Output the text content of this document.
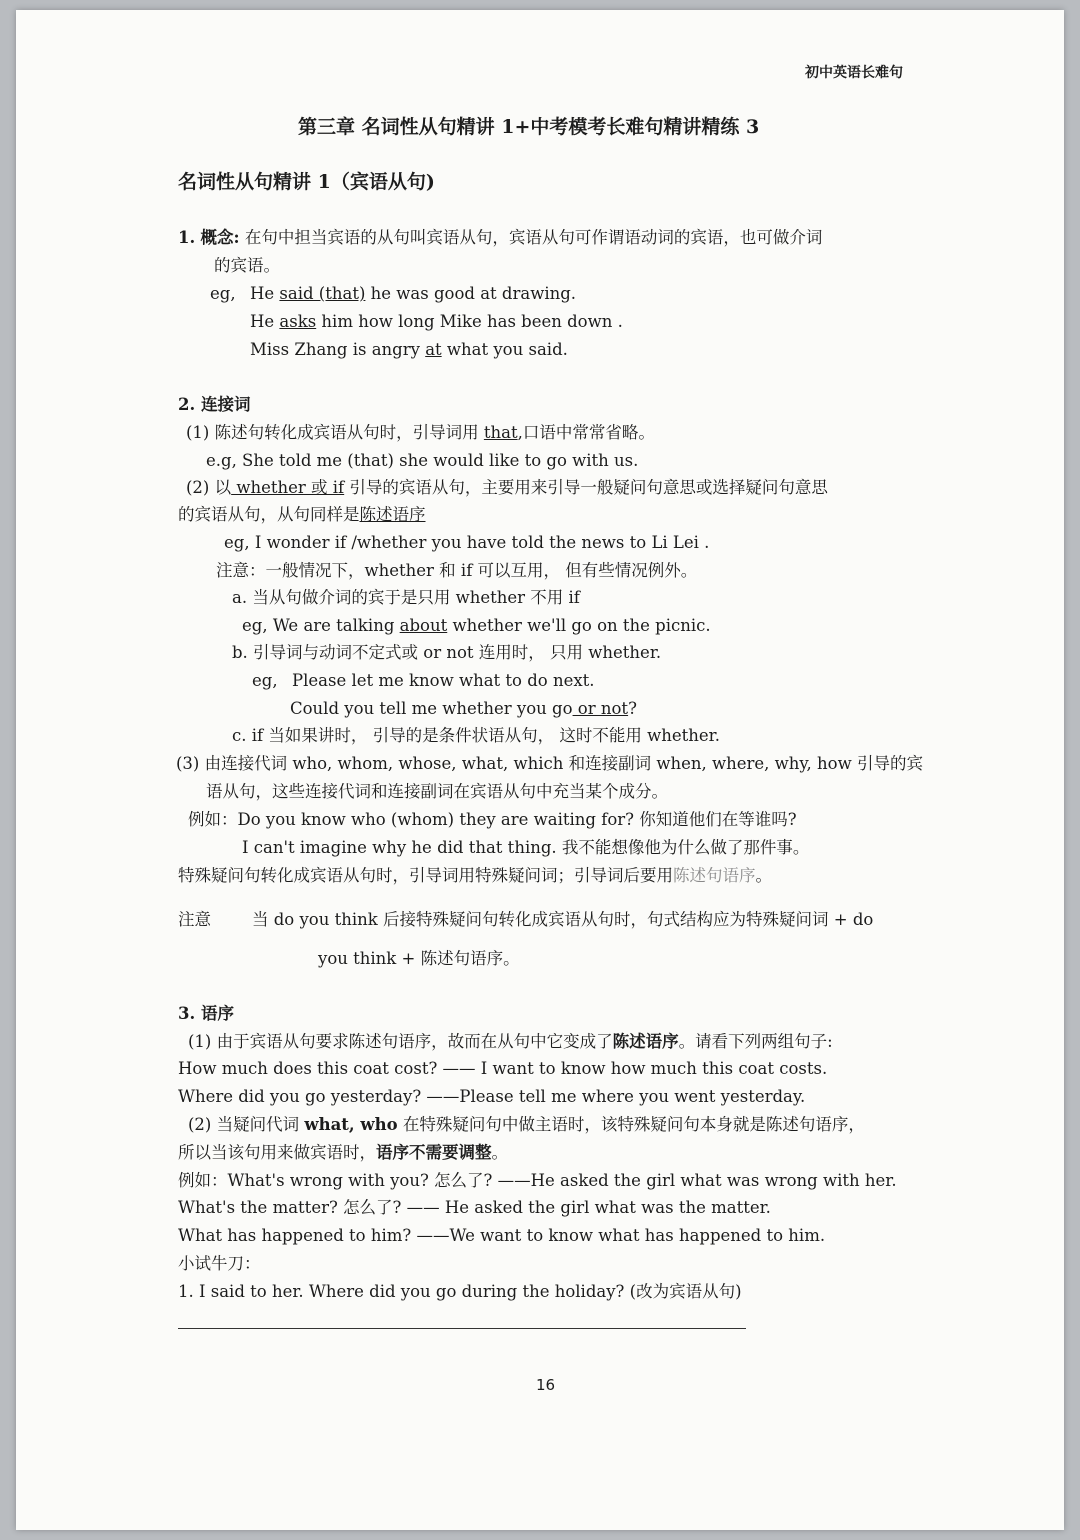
初中英语长难句
第三章 名词性从句精讲 1+中考模考长难句精讲精练 3
名词性从句精讲 1（宾语从句)
1. 概念: 在句中担当宾语的从句叫宾语从句，宾语从句可作谓语动词的宾语，也可做介词
的宾语。
eg, He said (that) he was good at drawing.
He asks him how long Mike has been down .
Miss Zhang is angry at what you said.
2. 连接词
(1) 陈述句转化成宾语从句时，引导词用 that,口语中常常省略。
e.g, She told me (that) she would like to go with us.
(2) 以 whether 或 if 引导的宾语从句，主要用来引导一般疑问句意思或选择疑问句意思
的宾语从句，从句同样是陈述语序
eg, I wonder if /whether you have told the news to Li Lei .
注意：一般情况下，whether 和 if 可以互用， 但有些情况例外。
a. 当从句做介词的宾于是只用 whether 不用 if
eg, We are talking about whether we'll go on the picnic.
b. 引导词与动词不定式或 or not 连用时， 只用 whether.
eg, Please let me know what to do next.
Could you tell me whether you go or not?
c. if 当如果讲时， 引导的是条件状语从句， 这时不能用 whether.
(3) 由连接代词 who, whom, whose, what, which 和连接副词 when, where, why, how 引导的宾
语从句，这些连接代词和连接副词在宾语从句中充当某个成分。
例如：Do you know who (whom) they are waiting for? 你知道他们在等谁吗?
I can't imagine why he did that thing. 我不能想像他为什么做了那件事。
特殊疑问句转化成宾语从句时，引导词用特殊疑问词；引导词后要用陈述句语序。
注意 当 do you think 后接特殊疑问句转化成宾语从句时，句式结构应为特殊疑问词 + do
you think + 陈述句语序。
3. 语序
(1) 由于宾语从句要求陈述句语序，故而在从句中它变成了陈述语序。请看下列两组句子:
How much does this coat cost? —— I want to know how much this coat costs.
Where did you go yesterday? ——Please tell me where you went yesterday.
(2) 当疑问代词 what, who 在特殊疑问句中做主语时，该特殊疑问句本身就是陈述句语序，
所以当该句用来做宾语时，语序不需要调整。
例如：What's wrong with you? 怎么了? ——He asked the girl what was wrong with her.
What's the matter? 怎么了? —— He asked the girl what was the matter.
What has happened to him? ——We want to know what has happened to him.
小试牛刀：
1. I said to her. Where did you go during the holiday? (改为宾语从句)
16
